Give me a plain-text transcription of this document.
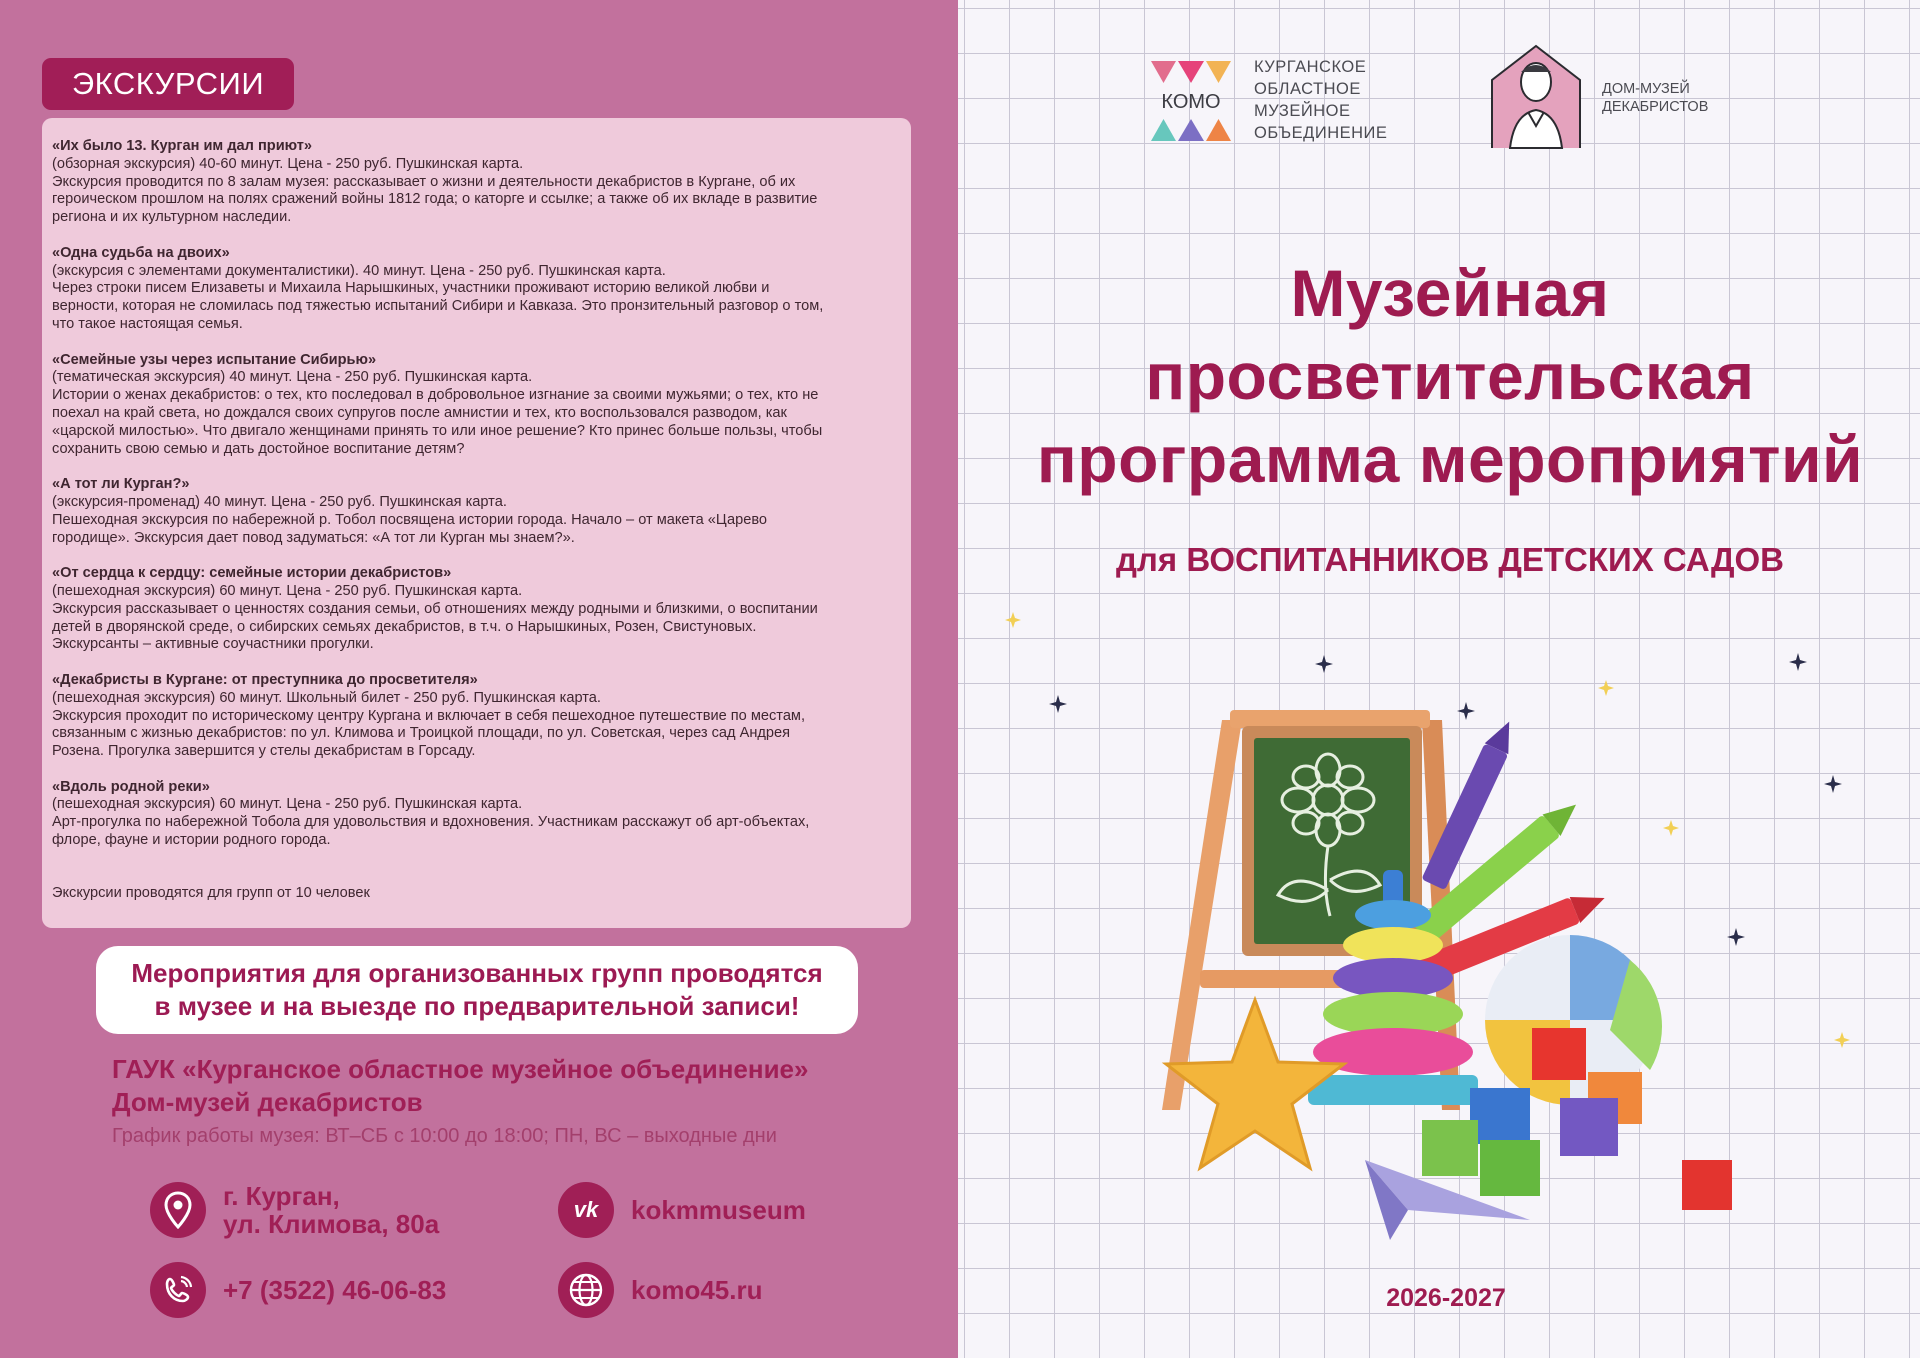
ЭКСКУРСИИ
«Их было 13. Курган им дал приют»
(обзорная экскурсия) 40-60 минут. Цена - 250 руб. Пушкинская карта.
Экскурсия проводится по 8 залам музея: рассказывает о жизни и деятельности декабристов в Кургане, об их
героическом прошлом на полях сражений войны 1812 года; о каторге и ссылке; а также об их вкладе в развитие
региона и их культурном наследии.
«Одна судьба на двоих»
(экскурсия с элементами документалистики). 40 минут. Цена - 250 руб. Пушкинская карта.
Через строки писем Елизаветы и Михаила Нарышкиных, участники проживают историю великой любви и
верности, которая не сломилась под тяжестью испытаний Сибири и Кавказа. Это пронзительный разговор о том,
что такое настоящая семья.
«Семейные узы через испытание Сибирью»
(тематическая экскурсия) 40 минут. Цена - 250 руб. Пушкинская карта.
Истории о женах декабристов: о тех, кто последовал в добровольное изгнание за своими мужьями; о тех, кто не
поехал на край света, но дождался своих супругов после амнистии и тех, кто воспользовался разводом, как
«царской милостью». Что двигало женщинами принять то или иное решение? Кто принес больше пользы, чтобы
сохранить свою семью и дать достойное воспитание детям?
«А тот ли Курган?»
(экскурсия-променад) 40 минут. Цена - 250 руб. Пушкинская карта.
Пешеходная экскурсия по набережной р. Тобол посвящена истории города. Начало – от макета «Царево
городище». Экскурсия дает повод задуматься: «А тот ли Курган мы знаем?».
«От сердца к сердцу: семейные истории декабристов»
(пешеходная экскурсия) 60 минут. Цена - 250 руб. Пушкинская карта.
Экскурсия рассказывает о ценностях создания семьи, об отношениях между родными и близкими, о воспитании
детей в дворянской среде, о сибирских семьях декабристов, в т.ч. о Нарышкиных, Розен, Свистуновых.
Экскурсанты – активные соучастники прогулки.
«Декабристы в Кургане: от преступника до просветителя»
(пешеходная экскурсия) 60 минут. Школьный билет - 250 руб. Пушкинская карта.
Экскурсия проходит по историческому центру Кургана и включает в себя пешеходное путешествие по местам,
связанным с жизнью декабристов: по ул. Климова и Троицкой площади, по ул. Советская, через сад Андрея
Розена. Прогулка завершится у стелы декабристам в Горсаду.
«Вдоль родной реки»
(пешеходная экскурсия) 60 минут. Цена - 250 руб. Пушкинская карта.
Арт-прогулка по набережной Тобола для удовольствия и вдохновения. Участникам расскажут об арт-объектах,
флоре, фауне и истории родного города.
Экскурсии проводятся для групп от 10 человек
Мероприятия для организованных групп проводятся
в музее и на выезде по предварительной записи!
ГАУК «Курганское областное музейное объединение»
Дом-музей декабристов
График работы музея: ВТ–СБ с 10:00 до 18:00; ПН, ВС – выходные дни
г. Курган,
ул. Климова, 80а	vk kokmmuseum
+7 (3522) 46-06-83	komo45.ru
КОМО
КУРГАНСКОЕ
ОБЛАСТНОЕ
МУЗЕЙНОЕ
ОБЪЕДИНЕНИЕ
ДОМ-МУЗЕЙ
ДЕКАБРИСТОВ
Музейная
просветительская
программа мероприятий
для ВОСПИТАННИКОВ ДЕТСКИХ САДОВ
2026-2027
